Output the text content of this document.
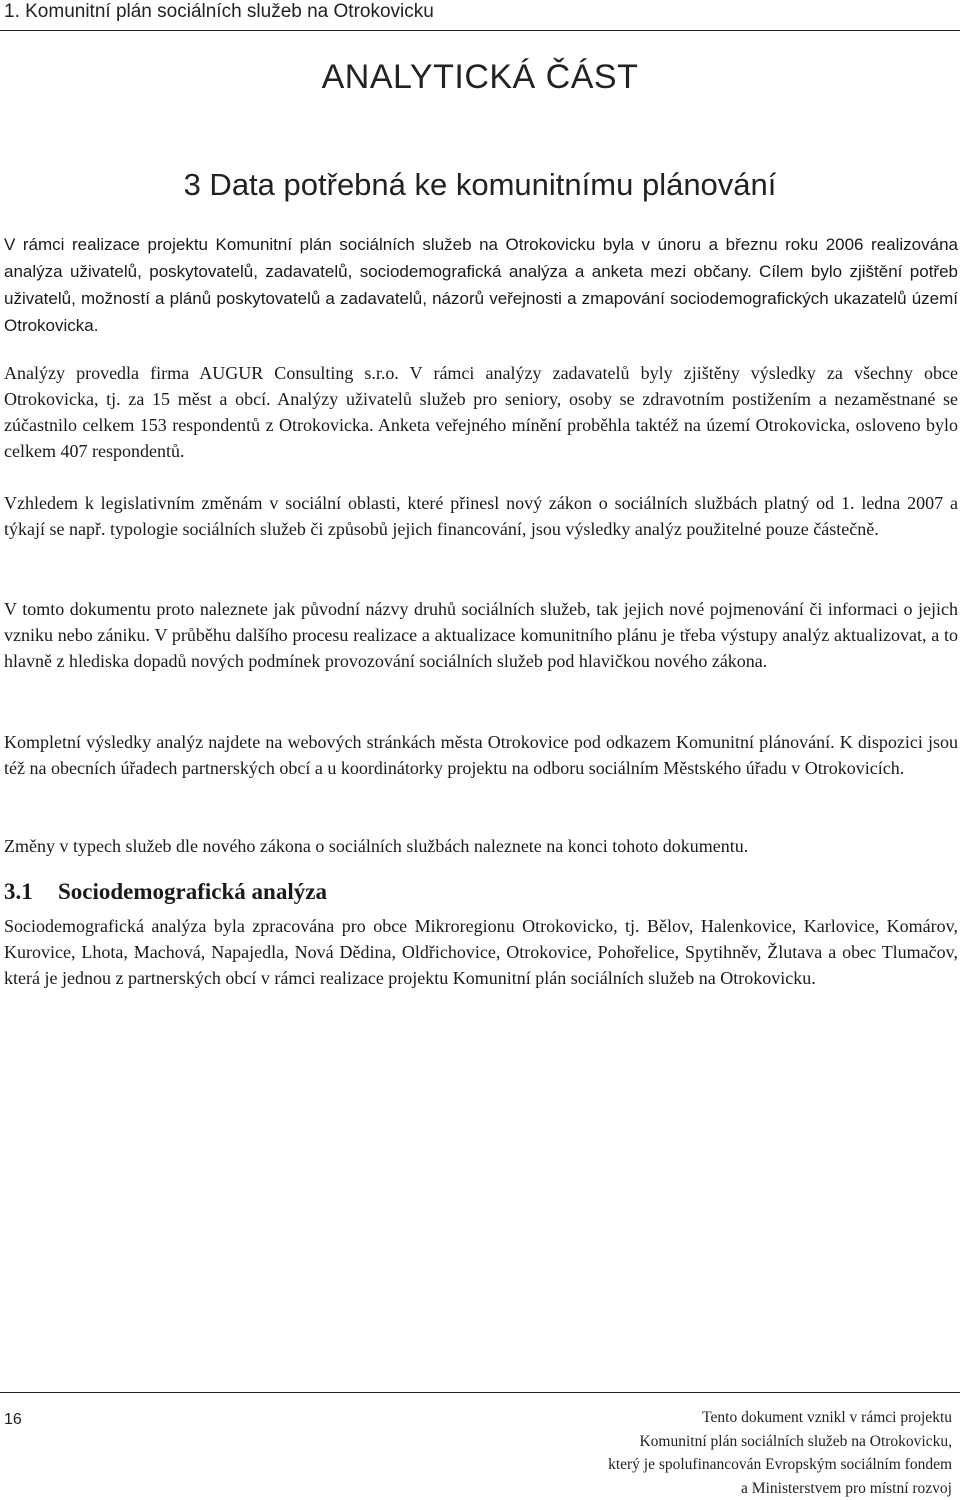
1. Komunitní plán sociálních služeb na Otrokovicku
ANALYTICKÁ ČÁST
3 Data potřebná ke komunitnímu plánování

V rámci realizace projektu Komunitní plán sociálních služeb na Otrokovicku byla v únoru a březnu roku 2006 realizována analýza uživatelů, poskytovatelů, zadavatelů, sociodemografická analýza a anketa mezi občany. Cílem bylo zjištění potřeb uživatelů, možností a plánů poskytovatelů a zadavatelů, názorů veřejnosti a zmapování sociodemografických ukazatelů území Otrokovicka.

Analýzy provedla firma AUGUR Consulting s.r.o. V rámci analýzy zadavatelů byly zjištěny výsledky za všechny obce Otrokovicka, tj. za 15 měst a obcí. Analýzy uživatelů služeb pro seniory, osoby se zdravotním postižením a nezaměstnané se zúčastnilo celkem 153 respondentů z Otrokovicka. Anketa veřejného mínění proběhla taktéž na území Otrokovicka, osloveno bylo celkem 407 respondentů.

Vzhledem k legislativním změnám v sociální oblasti, které přinesl nový zákon o sociálních službách platný od 1. ledna 2007 a týkají se např. typologie sociálních služeb či způsobů jejich financování, jsou výsledky analýz použitelné pouze částečně.

V tomto dokumentu proto naleznete jak původní názvy druhů sociálních služeb, tak jejich nové pojmenování či informaci o jejich vzniku nebo zániku. V průběhu dalšího procesu realizace a aktualizace komunitního plánu je třeba výstupy analýz aktualizovat, a to hlavně z hlediska dopadů nových podmínek provozování sociálních služeb pod hlavičkou nového zákona.

Kompletní výsledky analýz najdete na webových stránkách města Otrokovice pod odkazem Komunitní plánování. K dispozici jsou též na obecních úřadech partnerských obcí a u koordinátorky projektu na odboru sociálním Městského úřadu v Otrokovicích.

Změny v typech služeb dle nového zákona o sociálních službách naleznete na konci tohoto dokumentu.

3.1 Sociodemografická analýza

Sociodemografická analýza byla zpracována pro obce Mikroregionu Otrokovicko, tj. Bělov, Halenkovice, Karlovice, Komárov, Kurovice, Lhota, Machová, Napajedla, Nová Dědina, Oldřichovice, Otrokovice, Pohořelice, Spytihněv, Žlutava a obec Tlumačov, která je jednou z partnerských obcí v rámci realizace projektu Komunitní plán sociálních služeb na Otrokovicku.

16	Tento dokument vznikl v rámci projektu
Komunitní plán sociálních služeb na Otrokovicku,
který je spolufinancován Evropským sociálním fondem
a Ministerstvem pro místní rozvoj
